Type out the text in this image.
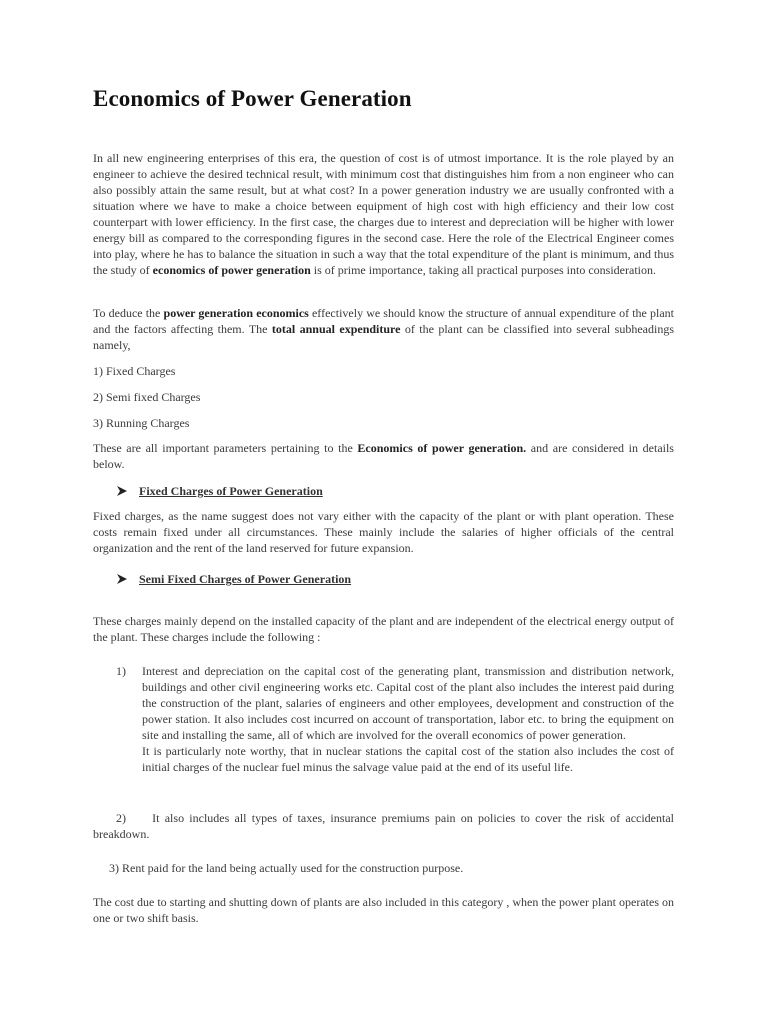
Economics of Power Generation

In all new engineering enterprises of this era, the question of cost is of utmost importance. It is the role played by an engineer to achieve the desired technical result, with minimum cost that distinguishes him from a non engineer who can also possibly attain the same result, but at what cost? In a power generation industry we are usually confronted with a situation where we have to make a choice between equipment of high cost with high efficiency and their low cost counterpart with lower efficiency. In the first case, the charges due to interest and depreciation will be higher with lower energy bill as compared to the corresponding figures in the second case. Here the role of the Electrical Engineer comes into play, where he has to balance the situation in such a way that the total expenditure of the plant is minimum, and thus the study of economics of power generation is of prime importance, taking all practical purposes into consideration.

To deduce the power generation economics effectively we should know the structure of annual expenditure of the plant and the factors affecting them. The total annual expenditure of the plant can be classified into several subheadings namely,

1) Fixed Charges

2) Semi fixed Charges

3) Running Charges

These are all important parameters pertaining to the Economics of power generation. and are considered in details below.

Fixed Charges of Power Generation

Fixed charges, as the name suggest does not vary either with the capacity of the plant or with plant operation. These costs remain fixed under all circumstances. These mainly include the salaries of higher officials of the central organization and the rent of the land reserved for future expansion.

Semi Fixed Charges of Power Generation

These charges mainly depend on the installed capacity of the plant and are independent of the electrical energy output of the plant. These charges include the following :

1)	Interest and depreciation on the capital cost of the generating plant, transmission and distribution network, buildings and other civil engineering works etc. Capital cost of the plant also includes the interest paid during the construction of the plant, salaries of engineers and other employees, development and construction of the power station. It also includes cost incurred on account of transportation, labor etc. to bring the equipment on site and installing the same, all of which are involved for the overall economics of power generation.
It is particularly note worthy, that in nuclear stations the capital cost of the station also includes the cost of initial charges of the nuclear fuel minus the salvage value paid at the end of its useful life.

2) It also includes all types of taxes, insurance premiums pain on policies to cover the risk of accidental breakdown.

3) Rent paid for the land being actually used for the construction purpose.

The cost due to starting and shutting down of plants are also included in this category , when the power plant operates on one or two shift basis.
